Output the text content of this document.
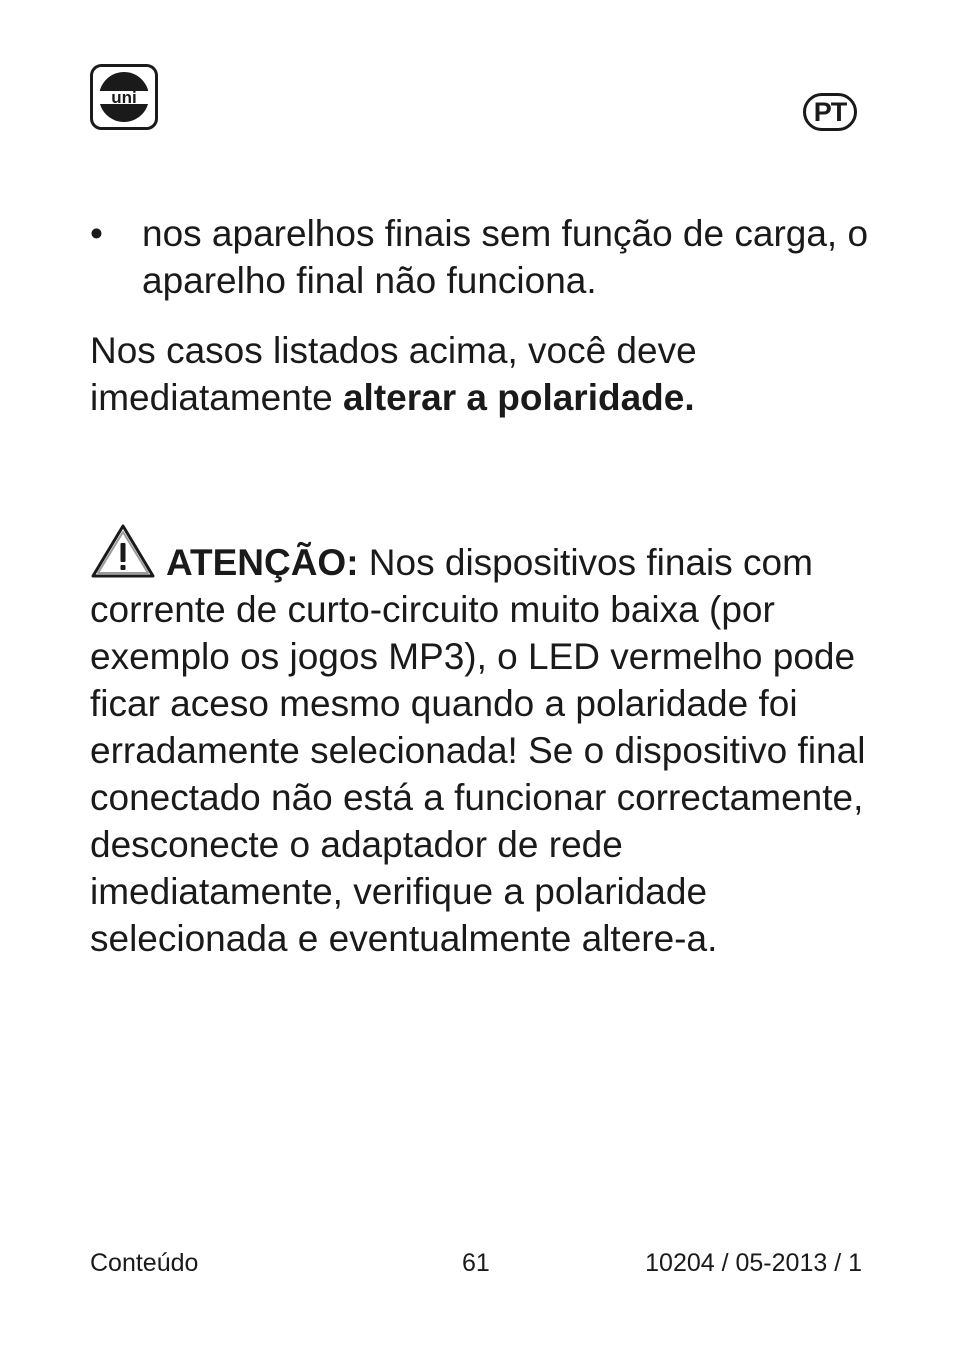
uni	PT
•	nos aparelhos finais sem função de carga, o aparelho final não funciona.
Nos casos listados acima, você deve imediatamente alterar a polaridade.
ATENÇÃO: Nos dispositivos finais com corrente de curto-circuito muito baixa (por exemplo os jogos MP3), o LED vermelho pode ficar aceso mesmo quando a polaridade foi erradamente selecionada! Se o dispositivo final conectado não está a funcionar correctamente, desconecte o adaptador de rede imediatamente, verifique a polaridade selecionada e eventualmente altere-a.
Conteúdo	61	10204 / 05-2013 / 1
